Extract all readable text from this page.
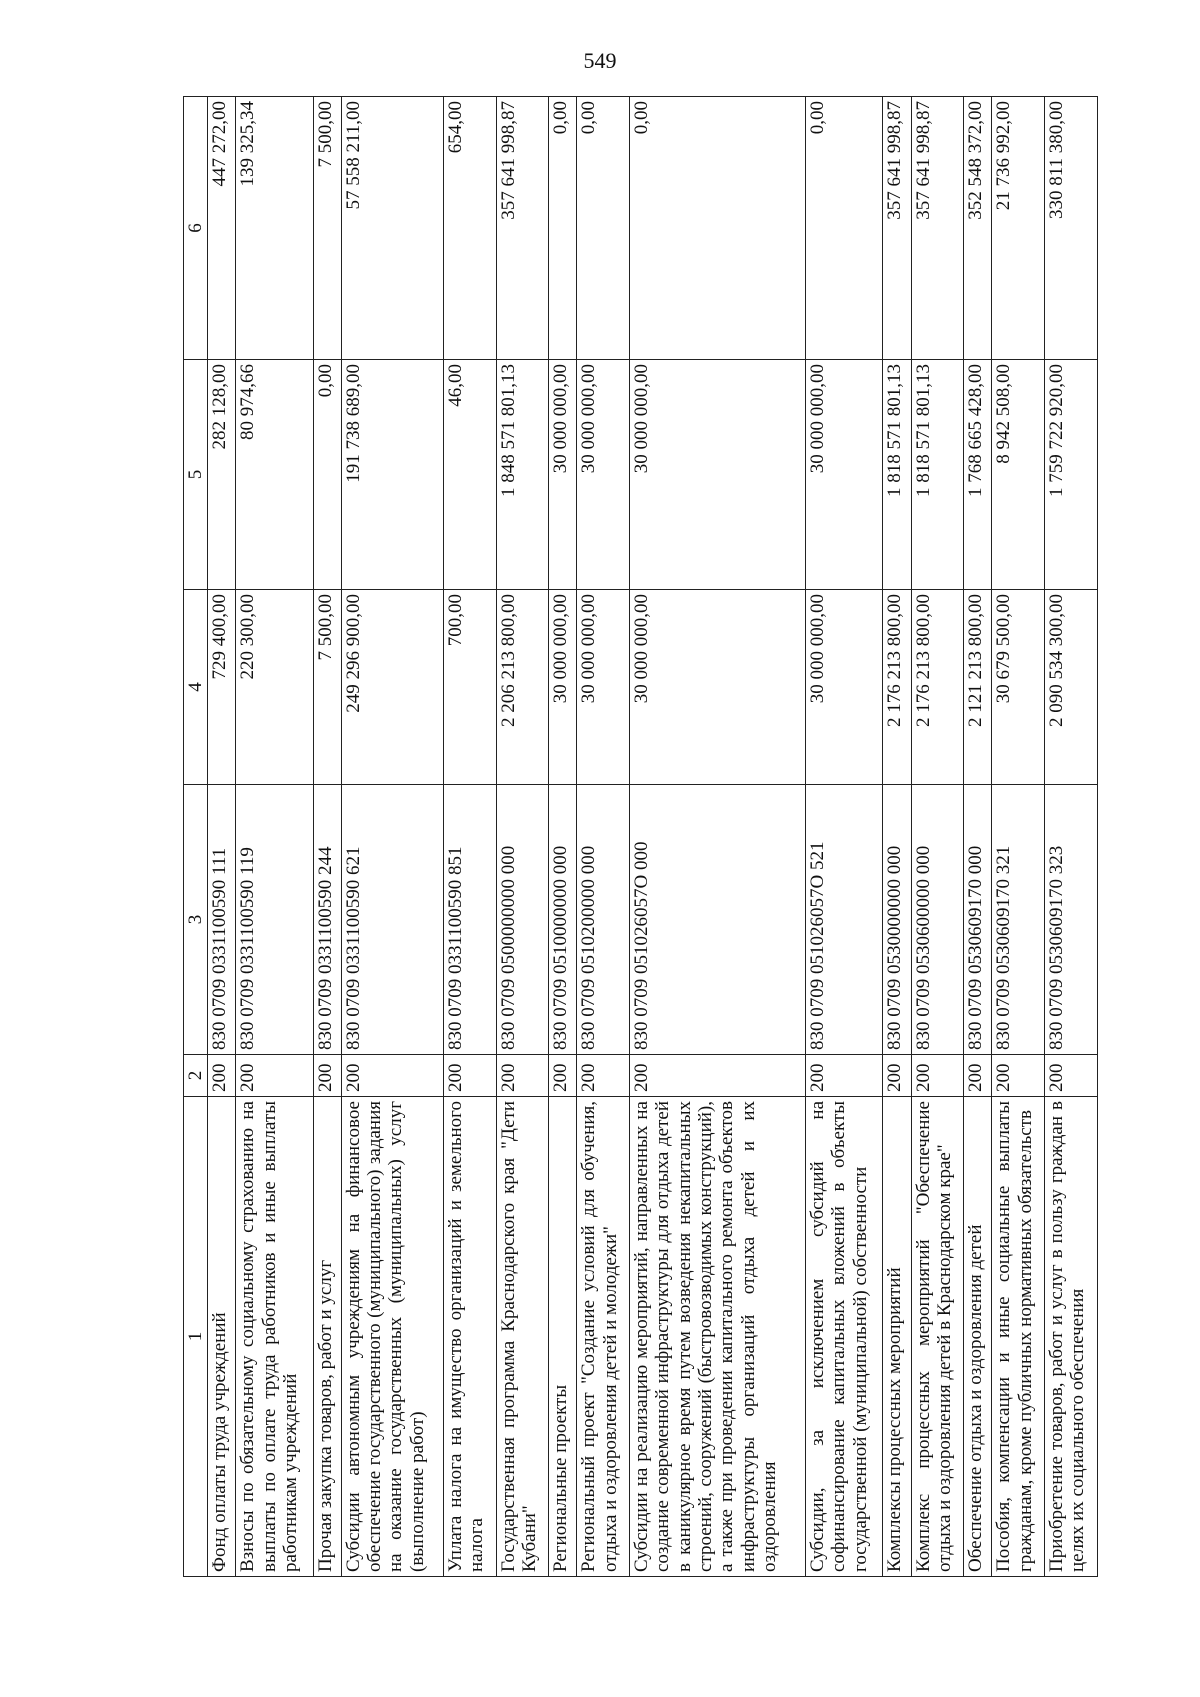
549
1	2	3	4	5	6
Фонд оплаты труда учреждений	200	830 0709 0331100590 111	729 400,00	282 128,00	447 272,00
Взносы по обязательному социальному страхованию на выплаты по оплате труда работников и иные выплаты работникам учреждений	200	830 0709 0331100590 119	220 300,00	80 974,66	139 325,34
Прочая закупка товаров, работ и услуг	200	830 0709 0331100590 244	7 500,00	0,00	7 500,00
Субсидии автономным учреждениям на финансовое обеспечение государственного (муниципального) задания на оказание государственных (муниципальных) услуг (выполнение работ)	200	830 0709 0331100590 621	249 296 900,00	191 738 689,00	57 558 211,00
Уплата налога на имущество организаций и земельного налога	200	830 0709 0331100590 851	700,00	46,00	654,00
Государственная программа Краснодарского края "Дети Кубани"	200	830 0709 0500000000 000	2 206 213 800,00	1 848 571 801,13	357 641 998,87
Региональные проекты	200	830 0709 0510000000 000	30 000 000,00	30 000 000,00	0,00
Региональный проект "Создание условий для обучения, отдыха и оздоровления детей и молодежи"	200	830 0709 0510200000 000	30 000 000,00	30 000 000,00	0,00
Субсидии на реализацию мероприятий, направленных на создание современной инфраструктуры для отдыха детей в каникулярное время путем возведения некапитальных строений, сооружений (быстровозводимых конструкций), а также при проведении капитального ремонта объектов инфраструктуры организаций отдыха детей и их оздоровления	200	830 0709 051026057О 000	30 000 000,00	30 000 000,00	0,00
Субсидии, за исключением субсидий на софинансирование капитальных вложений в объекты государственной (муниципальной) собственности	200	830 0709 051026057О 521	30 000 000,00	30 000 000,00	0,00
Комплексы процессных мероприятий	200	830 0709 0530000000 000	2 176 213 800,00	1 818 571 801,13	357 641 998,87
Комплекс процессных мероприятий "Обеспечение отдыха и оздоровления детей в Краснодарском крае"	200	830 0709 0530600000 000	2 176 213 800,00	1 818 571 801,13	357 641 998,87
Обеспечение отдыха и оздоровления детей	200	830 0709 0530609170 000	2 121 213 800,00	1 768 665 428,00	352 548 372,00
Пособия, компенсации и иные социальные выплаты гражданам, кроме публичных нормативных обязательств	200	830 0709 0530609170 321	30 679 500,00	8 942 508,00	21 736 992,00
Приобретение товаров, работ и услуг в пользу граждан в целях их социального обеспечения	200	830 0709 0530609170 323	2 090 534 300,00	1 759 722 920,00	330 811 380,00
